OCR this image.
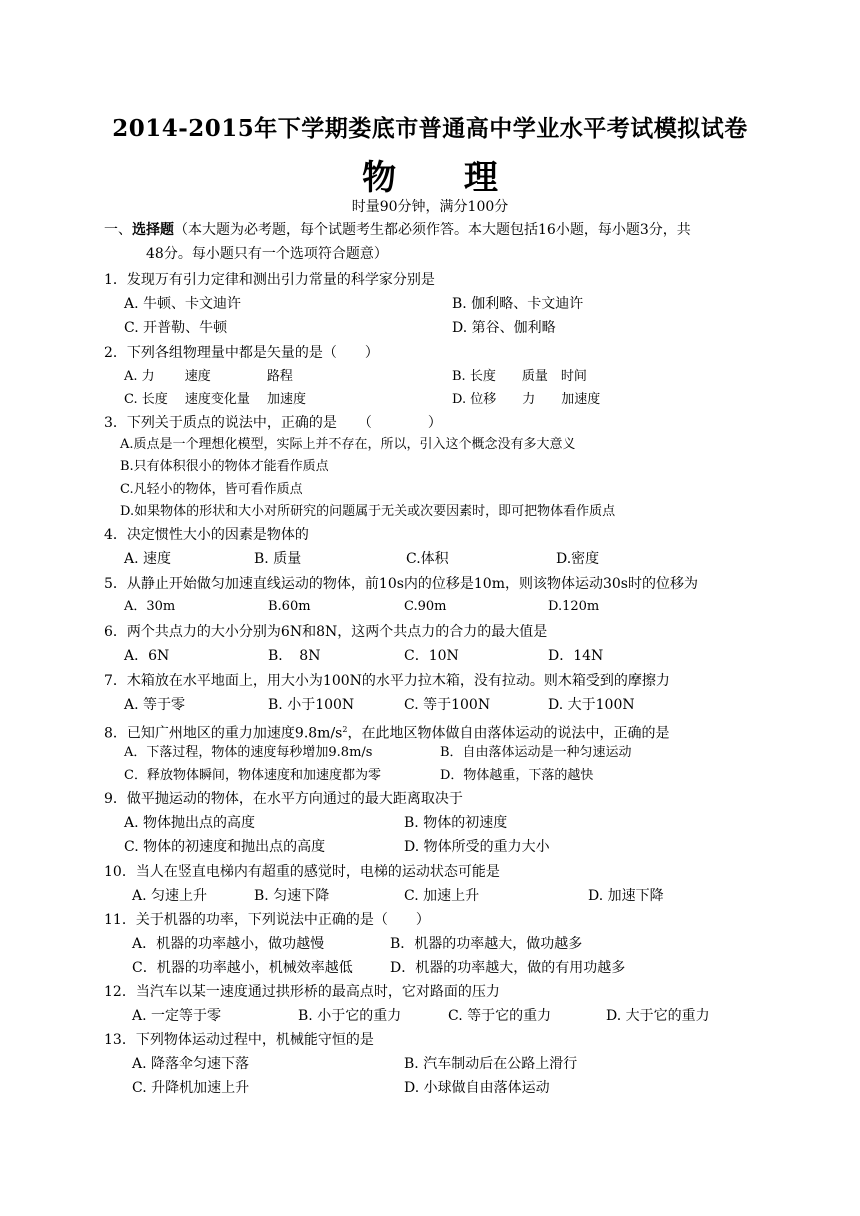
2014-2015年下学期娄底市普通高中学业水平考试模拟试卷
物 理
时量90分钟，满分100分
一、选择题（本大题为必考题，每个试题考生都必须作答。本大题包括16小题，每小题3分，共
48分。每小题只有一个选项符合题意）
1．发现万有引力定律和测出引力常量的科学家分别是
A. 牛顿、卡文迪许	B. 伽利略、卡文迪许
C. 开普勒、牛顿	D. 第谷、伽利略
2．下列各组物理量中都是矢量的是（　　）
A. 力　　 速度　　　　 路程	B. 长度　　质量　时间
C. 长度　 速度变化量　 加速度	D. 位移　　力　　加速度
3．下列关于质点的说法中，正确的是　　（　　　　）
A.质点是一个理想化模型，实际上并不存在，所以，引入这个概念没有多大意义
B.只有体积很小的物体才能看作质点
C.凡轻小的物体，皆可看作质点
D.如果物体的形状和大小对所研究的问题属于无关或次要因素时，即可把物体看作质点
4．决定惯性大小的因素是物体的
A. 速度	B. 质量	C.体积	D.密度
5．从静止开始做匀加速直线运动的物体，前10s内的位移是10m，则该物体运动30s时的位移为
A．30m	B.60m	C.90m	D.120m
6．两个共点力的大小分别为6N和8N，这两个共点力的合力的最大值是
A．6N	B．　8N	C．10N	D．14N
7．木箱放在水平地面上，用大小为100N的水平力拉木箱，没有拉动。则木箱受到的摩擦力
A. 等于零	B. 小于100N	C. 等于100N	D. 大于100N
8．已知广州地区的重力加速度$9.8m/s^2$，在此地区物体做自由落体运动的说法中，正确的是
A．下落过程，物体的速度每秒增加9.8m/s	B．自由落体运动是一种匀速运动
C．释放物体瞬间，物体速度和加速度都为零	D．物体越重，下落的越快
9．做平抛运动的物体，在水平方向通过的最大距离取决于
A. 物体抛出点的高度	B. 物体的初速度
C. 物体的初速度和抛出点的高度	D. 物体所受的重力大小
10．当人在竖直电梯内有超重的感觉时，电梯的运动状态可能是
A. 匀速上升	B. 匀速下降	C. 加速上升	D. 加速下降
11．关于机器的功率，下列说法中正确的是（　　）
A．机器的功率越小，做功越慢	B．机器的功率越大，做功越多
C．机器的功率越小，机械效率越低	D．机器的功率越大，做的有用功越多
12．当汽车以某一速度通过拱形桥的最高点时，它对路面的压力
A. 一定等于零	B. 小于它的重力	C. 等于它的重力	D. 大于它的重力
13．下列物体运动过程中，机械能守恒的是
A. 降落伞匀速下落	B. 汽车制动后在公路上滑行
C. 升降机加速上升	D. 小球做自由落体运动
